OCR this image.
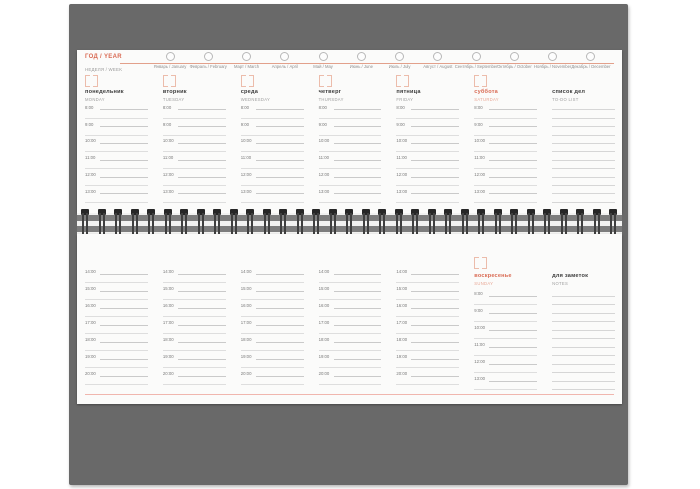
ГОД / YEAR
НЕДЕЛЯ / WEEK
Январь / January Февраль / February	Март / March	Апрель / April	Май / May	Июнь / June	Июль / July	Август / August Сентябрь / September Октябрь / October Ноябрь / November Декабрь / December
понедельник
MONDAY
8:00
9:00
10:00
11:00
12:00
13:00
вторник
TUESDAY
8:00
9:00
10:00
11:00
12:00
13:00
среда
WEDNESDAY
8:00
9:00
10:00
11:00
12:00
13:00
четверг
THURSDAY
8:00
9:00
10:00
11:00
12:00
13:00
пятница
FRIDAY
8:00
9:00
10:00
11:00
12:00
13:00
суббота
SATURDAY
8:00
9:00
10:00
11:00
12:00
13:00
список дел
TO-DO LIST
14:00
15:00
16:00
17:00
18:00
19:00
20:00
14:00
15:00
16:00
17:00
18:00
19:00
20:00
14:00
15:00
16:00
17:00
18:00
19:00
20:00
14:00
15:00
16:00
17:00
18:00
19:00
20:00
14:00
15:00
16:00
17:00
18:00
19:00
20:00
воскресенье
SUNDAY
8:00
9:00
10:00
11:00
12:00
13:00
для заметок
NOTES
